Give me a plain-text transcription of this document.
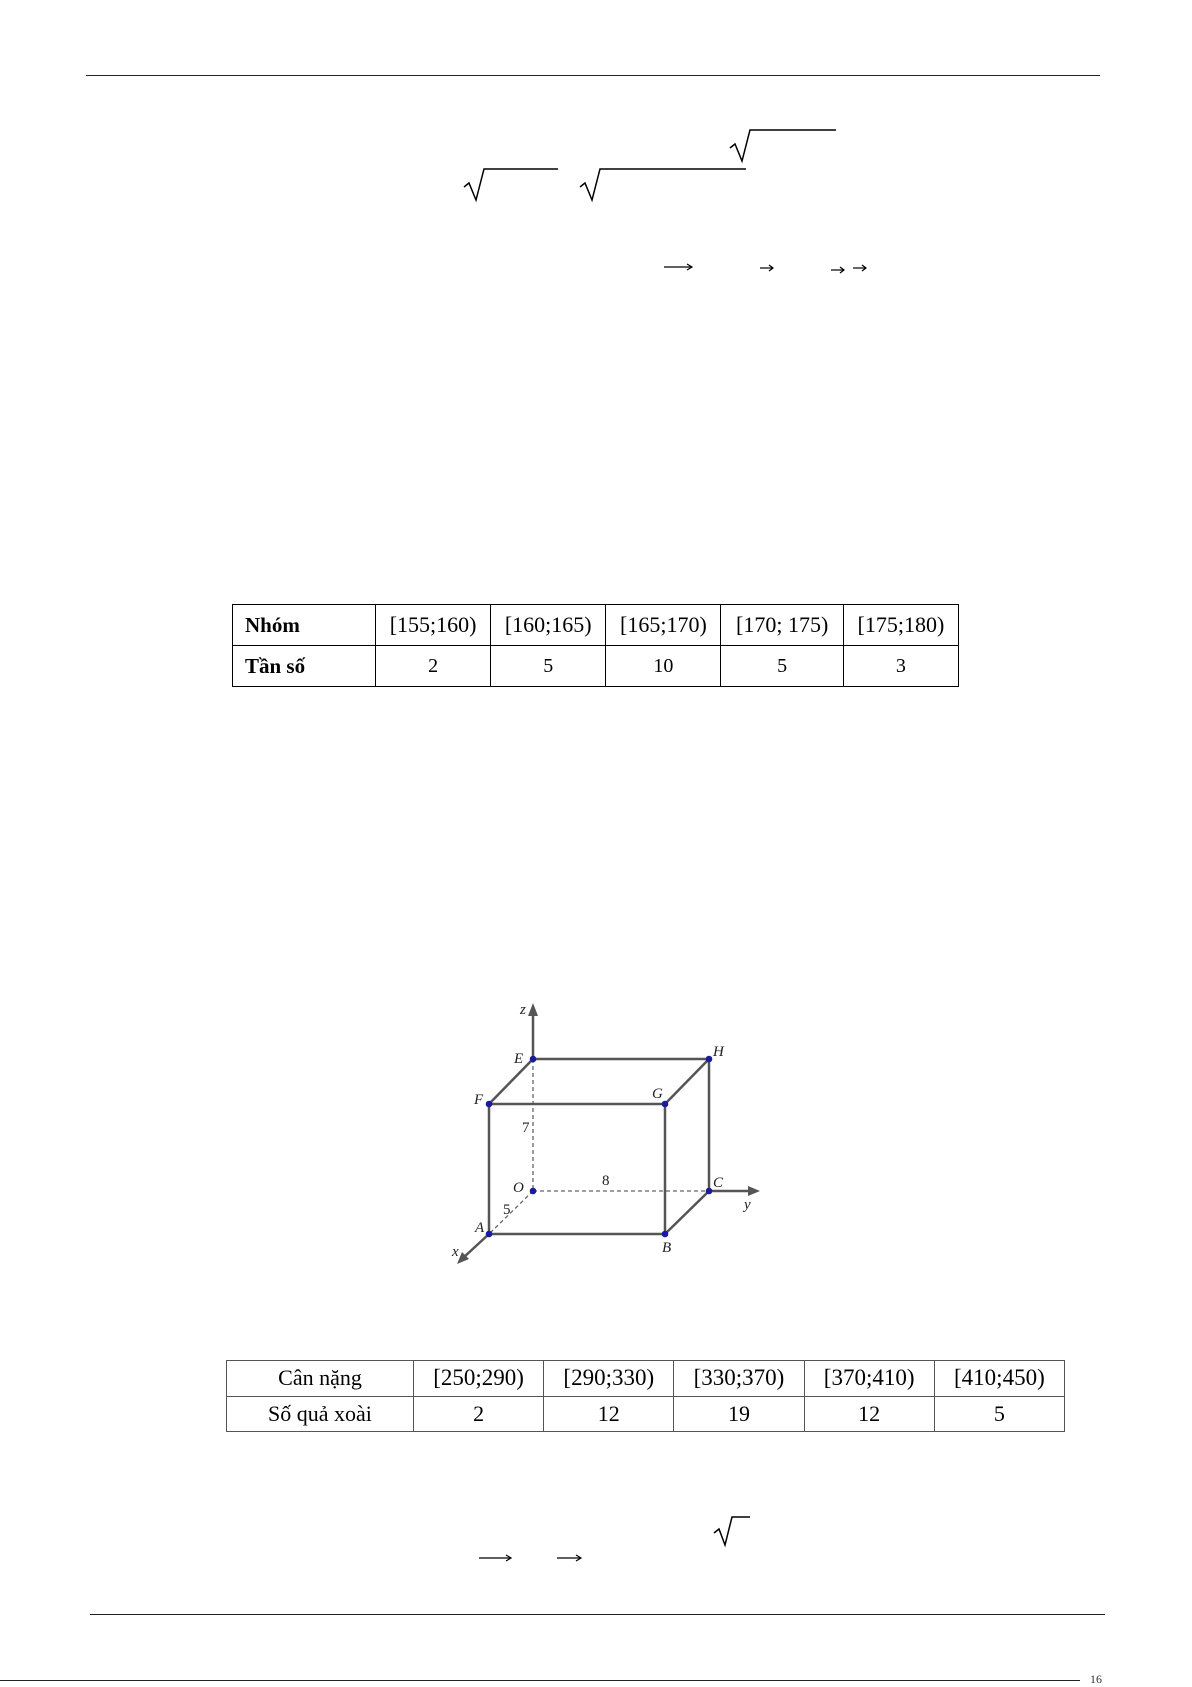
Nhóm	[155;160)	[160;165)	[165;170)	[170; 175)	[175;180)
Tần số	2	5	10	5	3
E	H
F	G
O	C
A
B
x
y
z
7
8
5
Cân nặng	[250;290)	[290;330)	[330;370)	[370;410)	[410;450)
Số quả xoài	2	12	19	12	5
16
